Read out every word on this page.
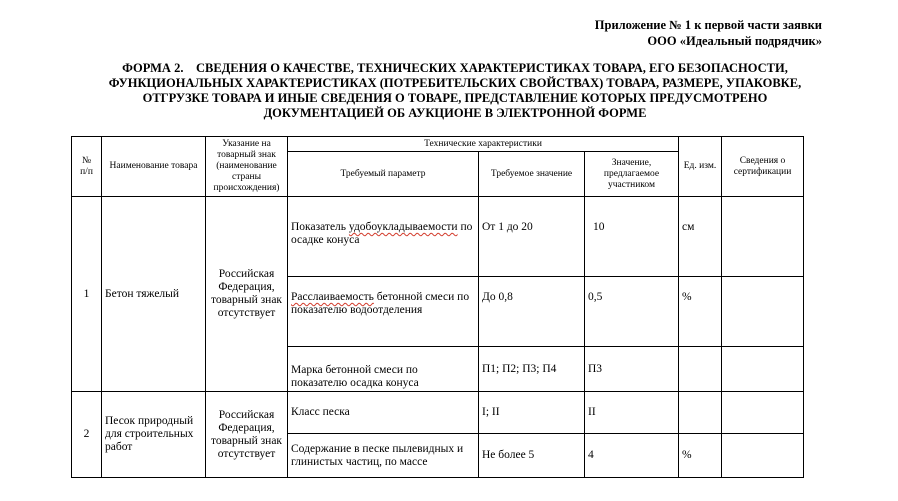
Приложение № 1 к первой части заявки
ООО «Идеальный подрядчик»
ФОРМА 2.    СВЕДЕНИЯ О КАЧЕСТВЕ, ТЕХНИЧЕСКИХ ХАРАКТЕРИСТИКАХ ТОВАРА, ЕГО БЕЗОПАСНОСТИ,
ФУНКЦИОНАЛЬНЫХ ХАРАКТЕРИСТИКАХ (ПОТРЕБИТЕЛЬСКИХ СВОЙСТВАХ) ТОВАРА, РАЗМЕРЕ, УПАКОВКЕ,
ОТГРУЗКЕ ТОВАРА И ИНЫЕ СВЕДЕНИЯ О ТОВАРЕ, ПРЕДСТАВЛЕНИЕ КОТОРЫХ ПРЕДУСМОТРЕНО
ДОКУМЕНТАЦИЕЙ ОБ АУКЦИОНЕ В ЭЛЕКТРОННОЙ ФОРМЕ
№
п/п	Наименование товара	Указание на товарный знак (наименование страны происхождения)	Технические характеристики			Ед. изм.	Сведения о сертификации
			Требуемый параметр	Требуемое значение	Значение, предлагаемое участником		
1	Бетон тяжелый	Российская Федерация, товарный знак отсутствует	Показатель удобоукладываемости по осадке конуса	От 1 до 20	10	см	
			Расслаиваемость бетонной смеси по показателю водоотделения	До 0,8	0,5	%	
			Марка бетонной смеси по показателю осадка конуса	П1; П2; П3; П4	П3		
2	Песок природный для строительных работ	Российская Федерация, товарный знак отсутствует	Класс песка	I; II	II		
			Содержание в песке пылевидных и глинистых частиц, по массе	Не более 5	4	%	
